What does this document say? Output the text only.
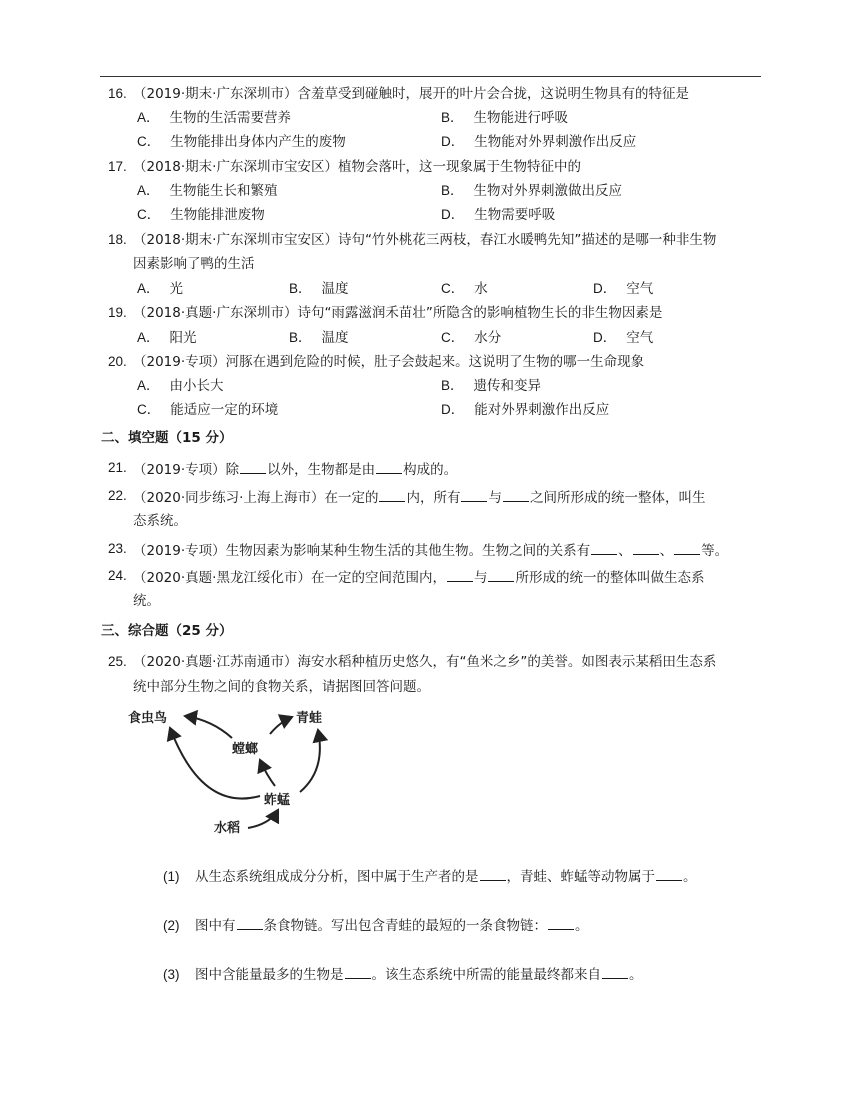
16. （2019·期末·广东深圳市）含羞草受到碰触时，展开的叶片会合拢，这说明生物具有的特征是
A． 生物的生活需要营养	B． 生物能进行呼吸
C． 生物能排出身体内产生的废物	D． 生物能对外界刺激作出反应
17. （2018·期末·广东深圳市宝安区）植物会落叶，这一现象属于生物特征中的
A． 生物能生长和繁殖	B． 生物对外界刺激做出反应
C． 生物能排泄废物	D． 生物需要呼吸
18. （2018·期末·广东深圳市宝安区）诗句“竹外桃花三两枝，春江水暖鸭先知”描述的是哪一种非生物
因素影响了鸭的生活
A． 光	B． 温度	C． 水	D． 空气
19. （2018·真题·广东深圳市）诗句“雨露滋润禾苗壮”所隐含的影响植物生长的非生物因素是
A． 阳光	B． 温度	C． 水分	D． 空气
20. （2019·专项）河豚在遇到危险的时候，肚子会鼓起来。这说明了生物的哪一生命现象
A． 由小长大	B． 遗传和变异
C． 能适应一定的环境	D． 能对外界刺激作出反应
二、填空题（15 分）
21. （2019·专项）除 以外，生物都是由 构成的。
22. （2020·同步练习·上海上海市）在一定的 内，所有 与 之间所形成的统一整体，叫生
态系统。
23. （2019·专项）生物因素为影响某种生物生活的其他生物。生物之间的关系有 、 、 等。
24. （2020·真题·黑龙江绥化市）在一定的空间范围内， 与 所形成的统一的整体叫做生态系
统。
三、综合题（25 分）
25. （2020·真题·江苏南通市）海安水稻种植历史悠久，有“鱼米之乡”的美誉。如图表示某稻田生态系
统中部分生物之间的食物关系，请据图回答问题。
食虫鸟	青蛙
螳螂
蚱蜢
水稻
(1) 从生态系统组成成分分析，图中属于生产者的是 ，青蛙、蚱蜢等动物属于 。
(2) 图中有 条食物链。写出包含青蛙的最短的一条食物链： 。
(3) 图中含能量最多的生物是 。该生态系统中所需的能量最终都来自 。
